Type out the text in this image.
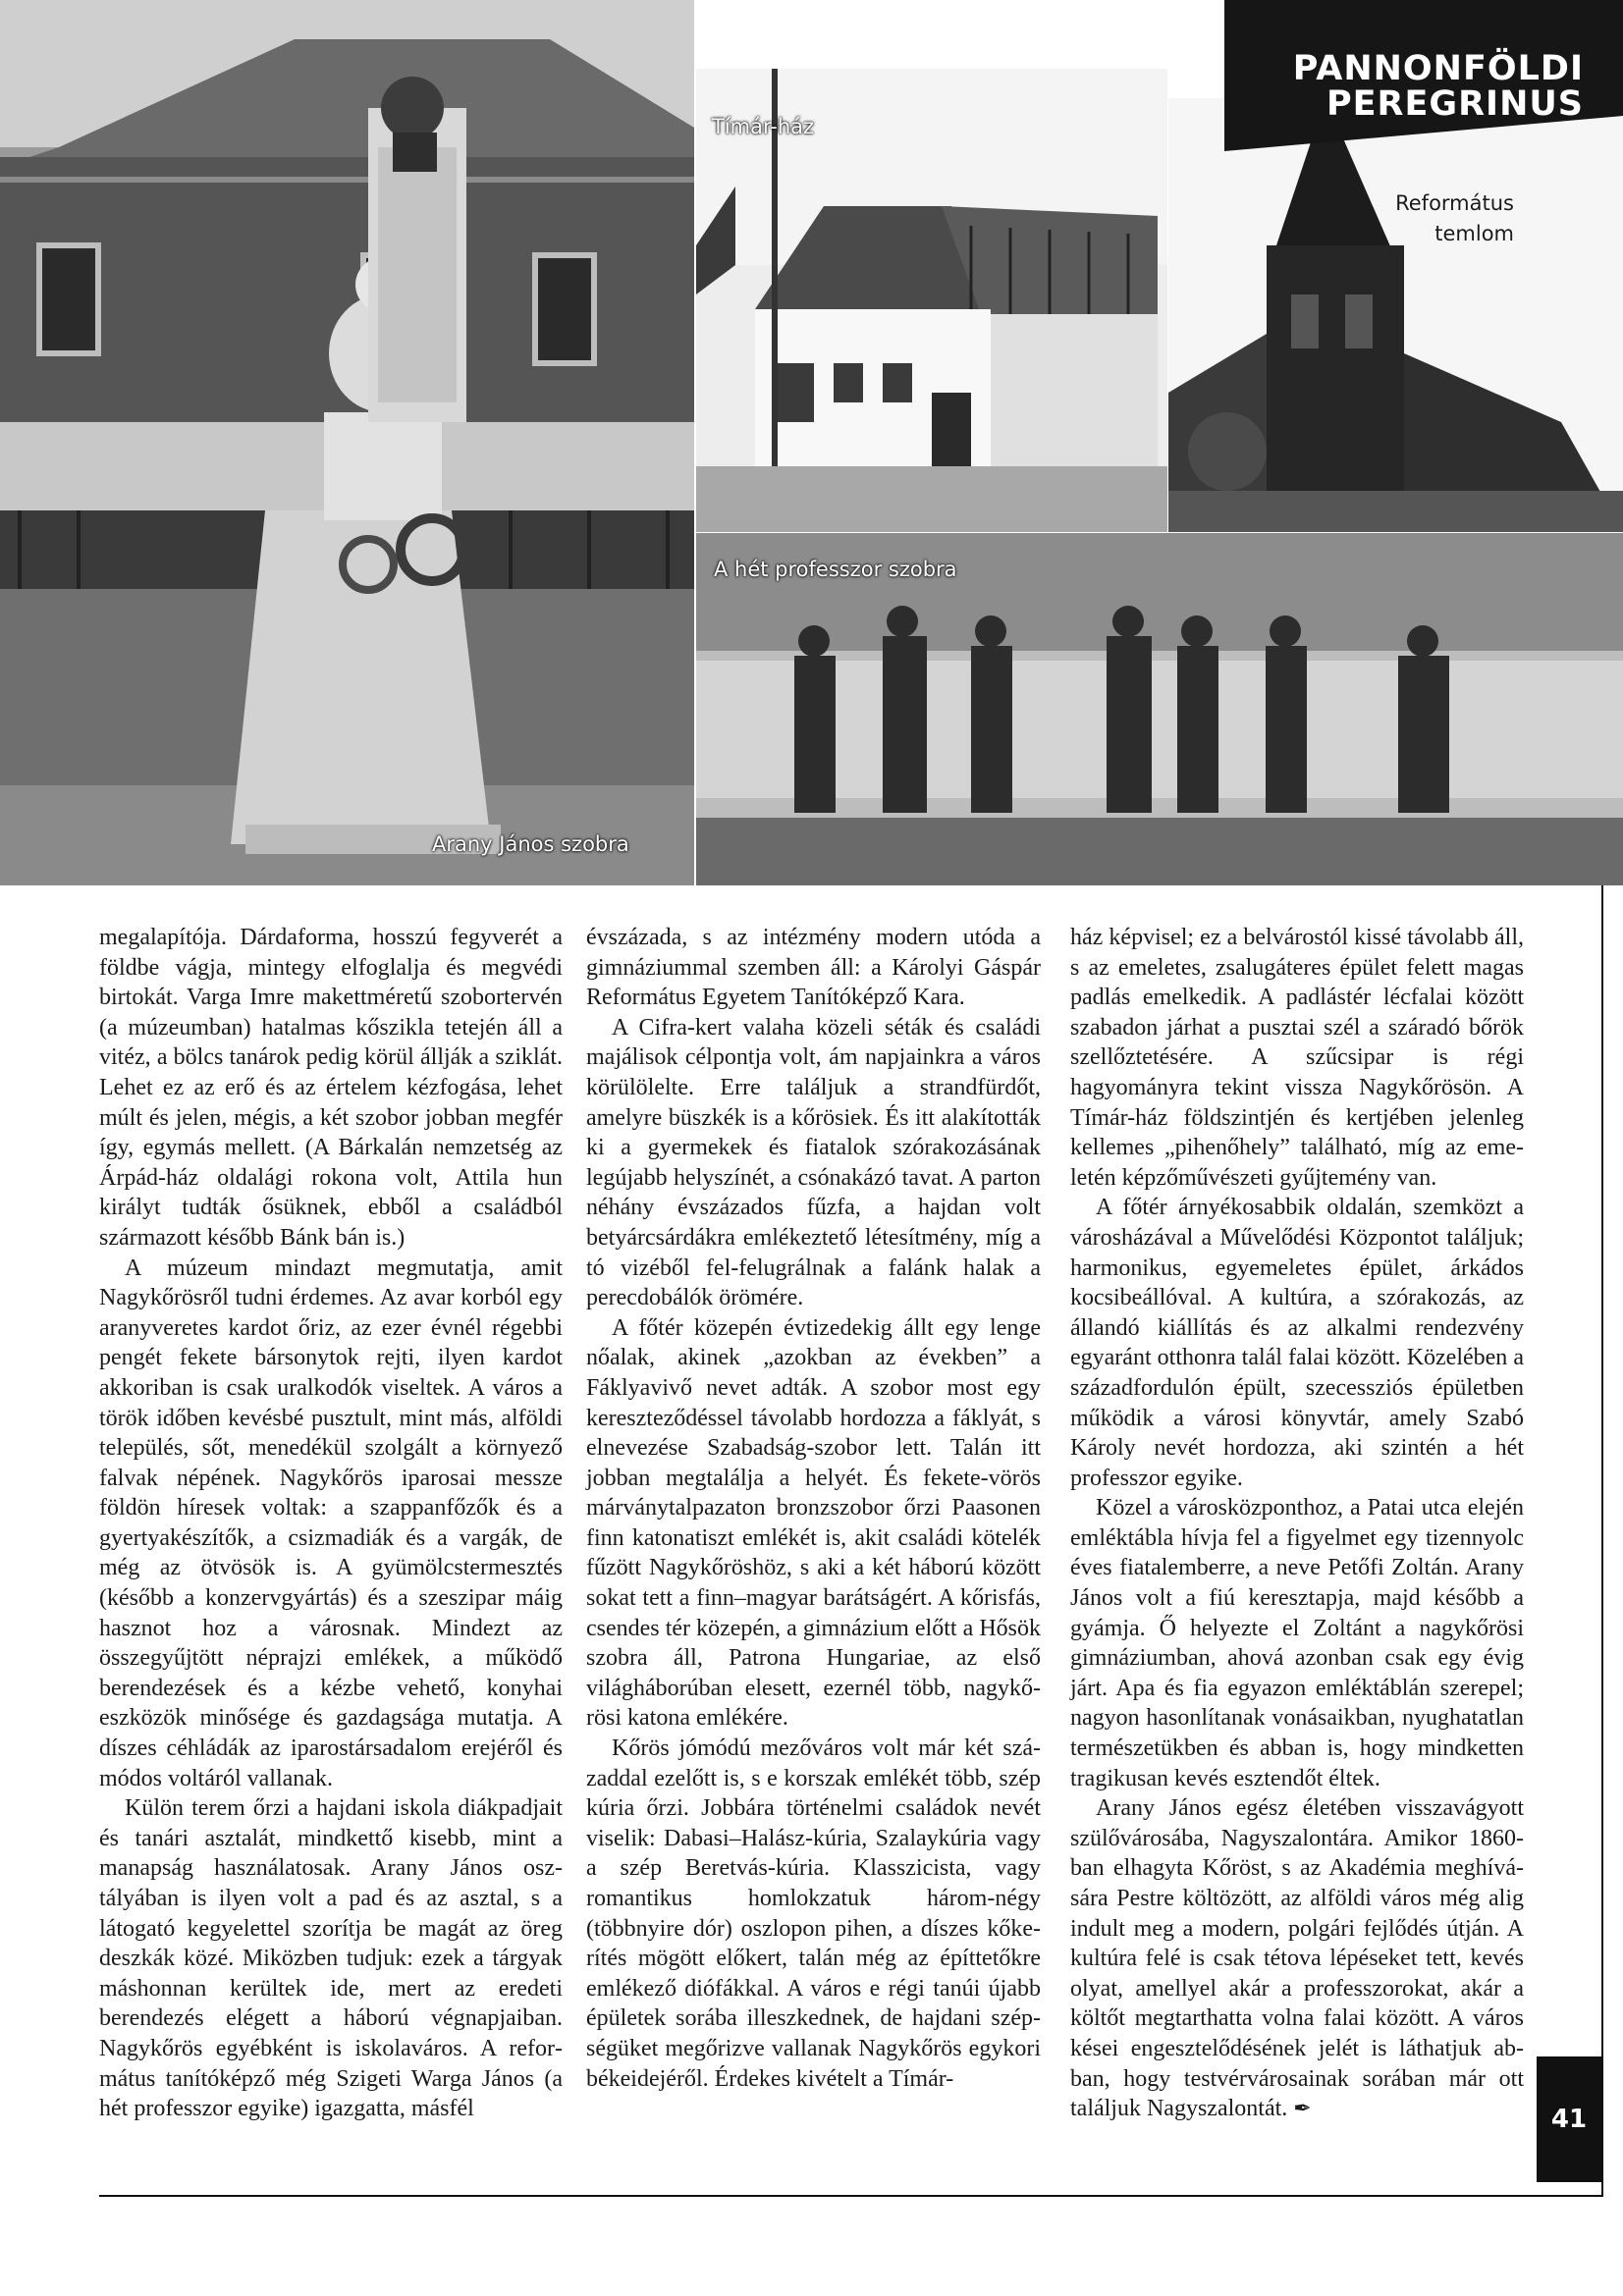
Arany János szobra
Tímár-ház
Református
temlom
A hét professzor szobra
PANNONFÖLDI
PEREGRINUS

megalapítója. Dárdaforma, hosszú fegyverét a földbe vágja, mintegy elfoglalja és megvédi birtokát. Varga Imre makettméretű szobortervén (a múzeumban) hatalmas kőszikla tetején áll a vitéz, a bölcs tanárok pedig körül állják a sziklát. Lehet ez az erő és az értelem kézfogása, lehet múlt és jelen, mégis, a két szobor jobban megfér így, egymás mellett. (A Bárkalán nemzetség az Árpád-ház oldalági rokona volt, Attila hun királyt tudták ősüknek, ebből a családból származott később Bánk bán is.)

A múzeum mindazt megmutatja, amit Nagykőrösről tudni érdemes. Az avar korból egy aranyveretes kardot őriz, az ezer évnél régebbi pengét fekete bársonytok rejti, ilyen kardot akkoriban is csak uralkodók viseltek. A város a török időben kevésbé pusztult, mint más, alföldi település, sőt, menedékül szolgált a környező falvak népének. Nagykőrös iparosai messze földön híresek voltak: a szappanfőzők és a gyertyakészítők, a csizmadiák és a vargák, de még az ötvösök is. A gyümölcstermesztés (később a konzervgyártás) és a szeszipar máig hasznot hoz a városnak. Mindezt az összegyűjtött néprajzi emlékek, a működő berendezések és a kézbe vehető, konyhai eszközök minősége és gazdagsága mutatja. A díszes céhládák az iparostársadalom erejéről és módos voltáról vallanak.

Külön terem őrzi a hajdani iskola diákpadjait és tanári asztalát, mindkettő kisebb, mint a manapság használatosak. Arany János osztályában is ilyen volt a pad és az asztal, s a látogató kegyelettel szorítja be magát az öreg deszkák közé. Miközben tudjuk: ezek a tárgyak máshonnan kerültek ide, mert az eredeti berendezés elégett a háború végnapjaiban. Nagykőrös egyébként is iskolaváros. A református tanítóképző még Szigeti Warga János (a hét professzor egyike) igazgatta, másfél

évszázada, s az intézmény modern utóda a gimnáziummal szemben áll: a Károlyi Gáspár Református Egyetem Tanítóképző Kara.

A Cifra-kert valaha közeli séták és családi majálisok célpontja volt, ám napjainkra a város körülölelte. Erre találjuk a strandfürdőt, amelyre büszkék is a kőrösiek. És itt alakították ki a gyermekek és fiatalok szórakozásának legújabb helyszínét, a csónakázó tavat. A parton néhány évszázados fűzfa, a hajdan volt betyárcsárdákra emlékeztető létesítmény, míg a tó vizéből fel-felugrálnak a falánk halak a perecdobálók örömére.

A főtér közepén évtizedekig állt egy lenge nőalak, akinek „azokban az években” a Fáklyavivő nevet adták. A szobor most egy kereszteződéssel távolabb hordozza a fáklyát, s elnevezése Szabadság-szobor lett. Talán itt jobban megtalálja a helyét. És fekete-vörös márványtalpazaton bronzszobor őrzi Paasonen finn katonatiszt emlékét is, akit családi kötelék fűzött Nagykőröshöz, s aki a két háború között sokat tett a finn–magyar barátságért. A kőrisfás, csendes tér közepén, a gimnázium előtt a Hősök szobra áll, Patrona Hungariae, az első világháborúban elesett, ezernél több, nagykőrösi katona emlékére.

Kőrös jómódú mezőváros volt már két századdal ezelőtt is, s e korszak emlékét több, szép kúria őrzi. Jobbára történelmi családok nevét viselik: Dabasi–Halász-kúria, Szalaykúria vagy a szép Beretvás-kúria. Klasszicista, vagy romantikus homlokzatuk három-négy (többnyire dór) oszlopon pihen, a díszes kőkerítés mögött előkert, talán még az építtetőkre emlékező diófákkal. A város e régi tanúi újabb épületek sorába illeszkednek, de hajdani szépségüket megőrizve vallanak Nagykőrös egykori békeidejéről. Érdekes kivételt a Tímár-

ház képvisel; ez a belvárostól kissé távolabb áll, s az emeletes, zsalugáteres épület felett magas padlás emelkedik. A padlástér lécfalai között szabadon járhat a pusztai szél a száradó bőrök szellőztetésére. A szűcsipar is régi hagyományra tekint vissza Nagykőrösön. A Tímár-ház földszintjén és kertjében jelenleg kellemes „pihenőhely” található, míg az emeletén képzőművészeti gyűjtemény van.

A főtér árnyékosabbik oldalán, szemközt a városházával a Művelődési Központot találjuk; harmonikus, egyemeletes épület, árkádos kocsibeállóval. A kultúra, a szórakozás, az állandó kiállítás és az alkalmi rendezvény egyaránt otthonra talál falai között. Közelében a századfordulón épült, szecessziós épületben működik a városi könyvtár, amely Szabó Károly nevét hordozza, aki szintén a hét professzor egyike.

Közel a városközponthoz, a Patai utca elején emléktábla hívja fel a figyelmet egy tizennyolc éves fiatalemberre, a neve Petőfi Zoltán. Arany János volt a fiú keresztapja, majd később a gyámja. Ő helyezte el Zoltánt a nagykőrösi gimnáziumban, ahová azonban csak egy évig járt. Apa és fia egyazon emléktáblán szerepel; nagyon hasonlítanak vonásaikban, nyughatatlan természetükben és abban is, hogy mindketten tragikusan kevés esztendőt éltek.

Arany János egész életében visszavágyott szülővárosába, Nagyszalontára. Amikor 1860-ban elhagyta Kőröst, s az Akadémia meghívására Pestre költözött, az alföldi város még alig indult meg a modern, polgári fejlődés útján. A kultúra felé is csak tétova lépéseket tett, kevés olyat, amellyel akár a professzorokat, akár a költőt megtarthatta volna falai között. A város kései engesztelődésének jelét is láthatjuk abban, hogy testvérvárosainak sorában már ott találjuk Nagyszalontát. ✒	41
